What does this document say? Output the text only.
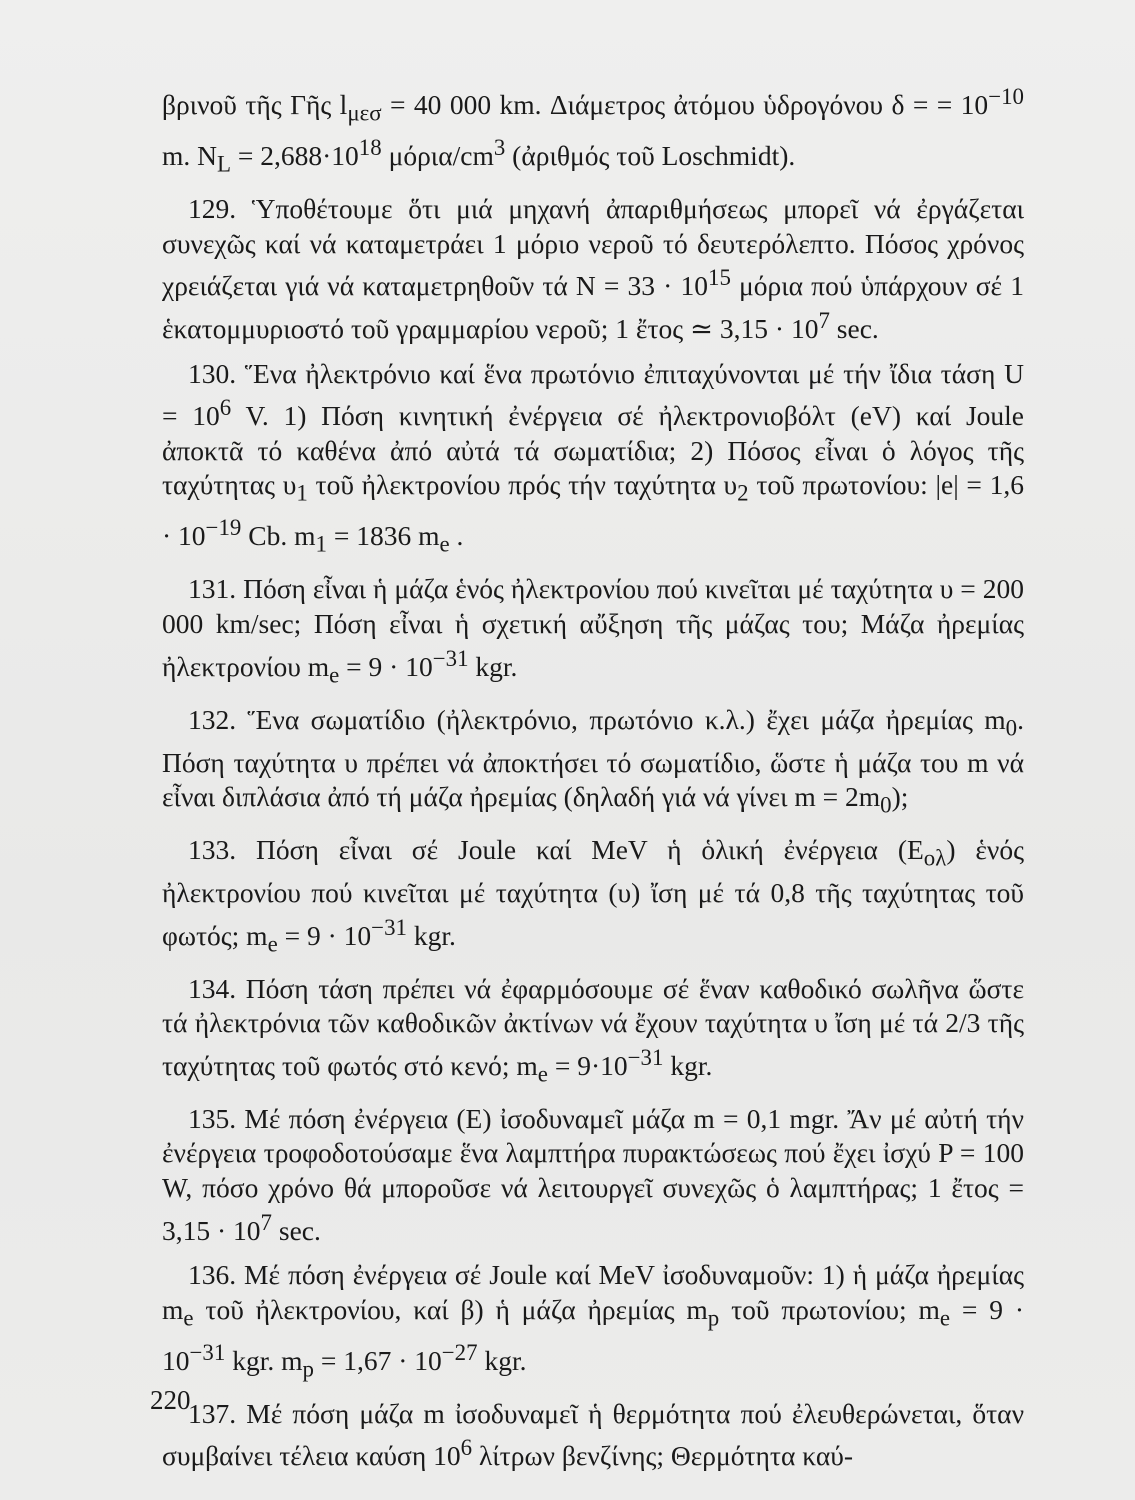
βρινοῦ τῆς Γῆς $l_{\mu\varepsilon\sigma} = 40$ 000 km. Διάμετρος ἀτόμου ὑδρογόνου δ = = $10^{-10}$ m. $N_L = 2,688\cdot 10^{18}$ μόρια/$cm^3$ (ἀριθμός τοῦ Loschmidt).

129. Ὑποθέτουμε ὅτι μιά μηχανή ἀπαριθμήσεως μπορεῖ νά ἐργάζεται συνεχῶς καί νά καταμετράει 1 μόριο νεροῦ τό δευτερόλεπτο. Πόσος χρόνος χρειάζεται γιά νά καταμετρηθοῦν τά $N = 33 \cdot 10^{15}$ μόρια πού ὑπάρχουν σέ 1 ἑκατομμυριοστό τοῦ γραμμαρίου νεροῦ; 1 ἔτος ≃ $3,15 \cdot 10^7$ sec.

130. Ἕνα ἠλεκτρόνιο καί ἕνα πρωτόνιο ἐπιταχύνονται μέ τήν ἴδια τάση $U = 10^6$ V. 1) Πόση κινητική ἐνέργεια σέ ἠλεκτρονιοβόλτ (eV) καί Joule ἀποκτᾶ τό καθένα ἀπό αὐτά τά σωματίδια; 2) Πόσος εἶναι ὁ λόγος τῆς ταχύτητας $\upsilon_1$ τοῦ ἠλεκτρονίου πρός τήν ταχύτητα $\upsilon_2$ τοῦ πρωτονίου: $|e| = 1,6 \cdot 10^{-19}$ Cb. $m_1 = 1836$ $m_e$ .

131. Πόση εἶναι ἡ μάζα ἑνός ἠλεκτρονίου πού κινεῖται μέ ταχύτητα υ = 200 000 km/sec; Πόση εἶναι ἡ σχετική αὔξηση τῆς μάζας του; Μάζα ἠρεμίας ἠλεκτρονίου $m_e = 9 \cdot 10^{-31}$ kgr.

132. Ἕνα σωματίδιο (ἠλεκτρόνιο, πρωτόνιο κ.λ.) ἔχει μάζα ἠρεμίας $m_0$. Πόση ταχύτητα υ πρέπει νά ἀποκτήσει τό σωματίδιο, ὥστε ἡ μάζα του m νά εἶναι διπλάσια ἀπό τή μάζα ἠρεμίας (δηλαδή γιά νά γίνει $m = 2m_0$);

133. Πόση εἶναι σέ Joule καί MeV ἡ ὁλική ἐνέργεια $(E_{o\lambda})$ ἑνός ἠλεκτρονίου πού κινεῖται μέ ταχύτητα (υ) ἴση μέ τά 0,8 τῆς ταχύτητας τοῦ φωτός; $m_e = 9 \cdot 10^{-31}$ kgr.

134. Πόση τάση πρέπει νά ἐφαρμόσουμε σέ ἕναν καθοδικό σωλῆνα ὥστε τά ἠλεκτρόνια τῶν καθοδικῶν ἀκτίνων νά ἔχουν ταχύτητα υ ἴση μέ τά 2/3 τῆς ταχύτητας τοῦ φωτός στό κενό; $m_e = 9\cdot 10^{-31}$ kgr.

135. Μέ πόση ἐνέργεια (E) ἰσοδυναμεῖ μάζα m = 0,1 mgr. Ἄν μέ αὐτή τήν ἐνέργεια τροφοδοτούσαμε ἕνα λαμπτήρα πυρακτώσεως πού ἔχει ἰσχύ P = 100 W, πόσο χρόνο θά μποροῦσε νά λειτουργεῖ συνεχῶς ὁ λαμπτήρας; 1 ἔτος = $3,15 \cdot 10^7$ sec.

136. Μέ πόση ἐνέργεια σέ Joule καί MeV ἰσοδυναμοῦν: 1) ἡ μάζα ἠρεμίας $m_e$ τοῦ ἠλεκτρονίου, καί β) ἡ μάζα ἠρεμίας $m_p$ τοῦ πρωτονίου; $m_e = 9 \cdot 10^{-31}$ kgr. $m_p = 1,67 \cdot 10^{-27}$ kgr.

137. Μέ πόση μάζα m ἰσοδυναμεῖ ἡ θερμότητα πού ἐλευθερώνεται, ὅταν συμβαίνει τέλεια καύση $10^6$ λίτρων βενζίνης; Θερμότητα καύ-

220
